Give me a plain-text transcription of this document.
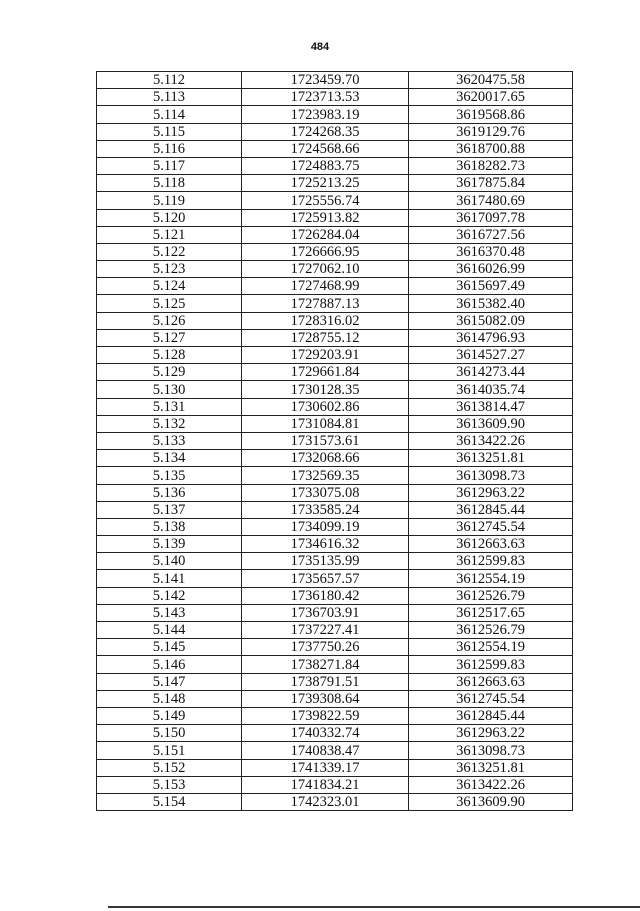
484
5.112	1723459.70	3620475.58
5.113	1723713.53	3620017.65
5.114	1723983.19	3619568.86
5.115	1724268.35	3619129.76
5.116	1724568.66	3618700.88
5.117	1724883.75	3618282.73
5.118	1725213.25	3617875.84
5.119	1725556.74	3617480.69
5.120	1725913.82	3617097.78
5.121	1726284.04	3616727.56
5.122	1726666.95	3616370.48
5.123	1727062.10	3616026.99
5.124	1727468.99	3615697.49
5.125	1727887.13	3615382.40
5.126	1728316.02	3615082.09
5.127	1728755.12	3614796.93
5.128	1729203.91	3614527.27
5.129	1729661.84	3614273.44
5.130	1730128.35	3614035.74
5.131	1730602.86	3613814.47
5.132	1731084.81	3613609.90
5.133	1731573.61	3613422.26
5.134	1732068.66	3613251.81
5.135	1732569.35	3613098.73
5.136	1733075.08	3612963.22
5.137	1733585.24	3612845.44
5.138	1734099.19	3612745.54
5.139	1734616.32	3612663.63
5.140	1735135.99	3612599.83
5.141	1735657.57	3612554.19
5.142	1736180.42	3612526.79
5.143	1736703.91	3612517.65
5.144	1737227.41	3612526.79
5.145	1737750.26	3612554.19
5.146	1738271.84	3612599.83
5.147	1738791.51	3612663.63
5.148	1739308.64	3612745.54
5.149	1739822.59	3612845.44
5.150	1740332.74	3612963.22
5.151	1740838.47	3613098.73
5.152	1741339.17	3613251.81
5.153	1741834.21	3613422.26
5.154	1742323.01	3613609.90
